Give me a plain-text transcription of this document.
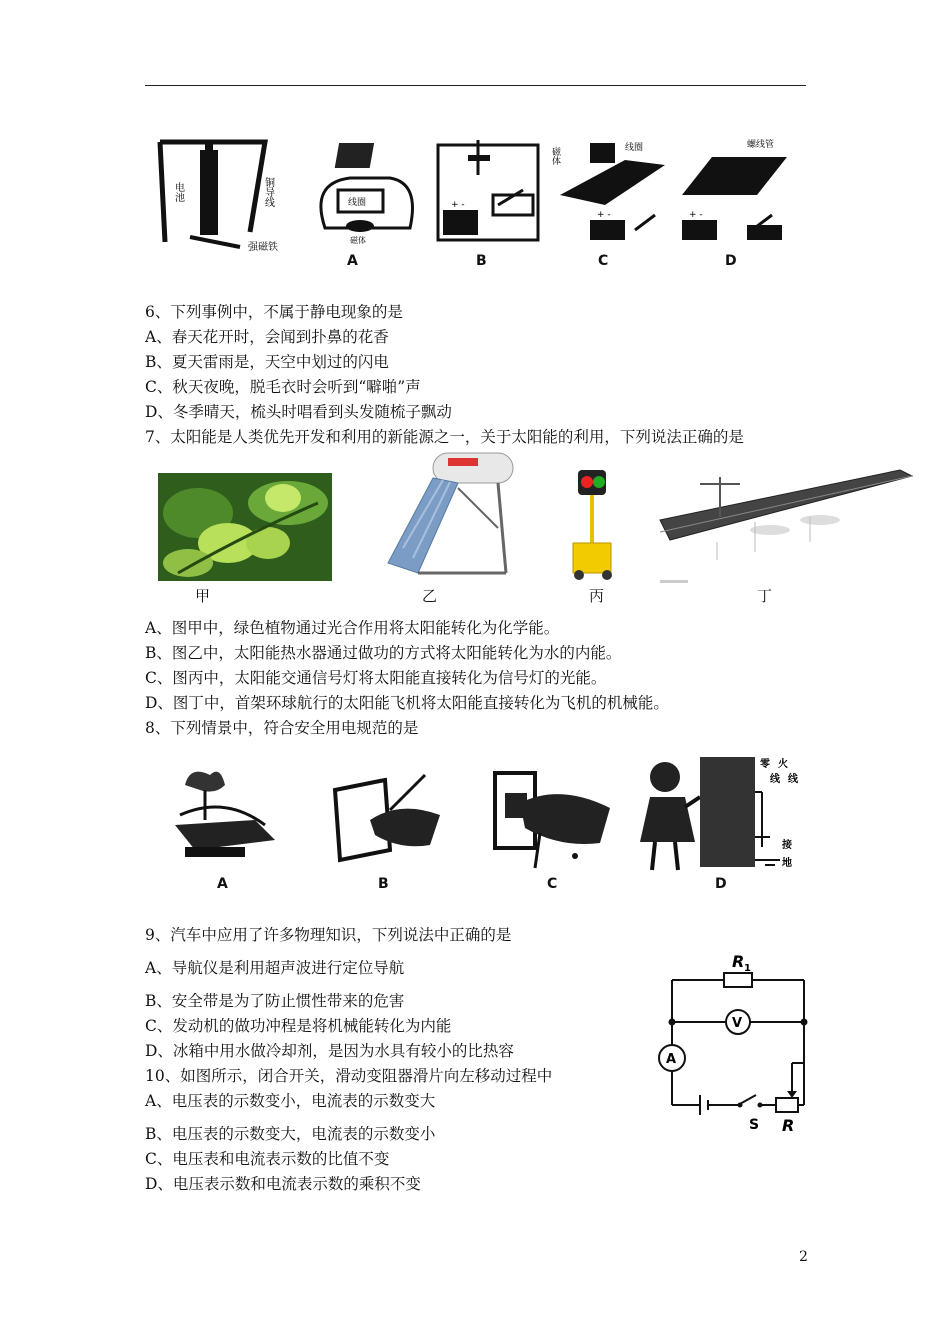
电池	铜导线
强磁铁
线圈
磁体
+ -
磁体	线圈
+ -
螺线管
+ -
A	B	C	D
6、下列事例中，不属于静电现象的是
A、春天花开时，会闻到扑鼻的花香
B、夏天雷雨是，天空中划过的闪电
C、秋天夜晚，脱毛衣时会听到“噼啪”声
D、冬季晴天，梳头时唱看到头发随梳子飘动
7、太阳能是人类优先开发和利用的新能源之一，关于太阳能的利用，下列说法正确的是
甲	乙	丙	丁
A、图甲中，绿色植物通过光合作用将太阳能转化为化学能。
B、图乙中，太阳能热水器通过做功的方式将太阳能转化为水的内能。
C、图丙中，太阳能交通信号灯将太阳能直接转化为信号灯的光能。
D、图丁中，首架环球航行的太阳能飞机将太阳能直接转化为飞机的机械能。
8、下列情景中，符合安全用电规范的是
零 火
线 线
接
地
A	B	C	D
9、汽车中应用了许多物理知识，下列说法中正确的是
A、导航仪是利用超声波进行定位导航
B、安全带是为了防止惯性带来的危害
C、发动机的做功冲程是将机械能转化为内能
D、冰箱中用水做冷却剂，是因为水具有较小的比热容
10、如图所示，闭合开关，滑动变阻器滑片向左移动过程中
A、电压表的示数变小，电流表的示数变大
B、电压表的示数变大，电流表的示数变小
C、电压表和电流表示数的比值不变
D、电压表示数和电流表示数的乘积不变
R 1
V
A
S R
2
